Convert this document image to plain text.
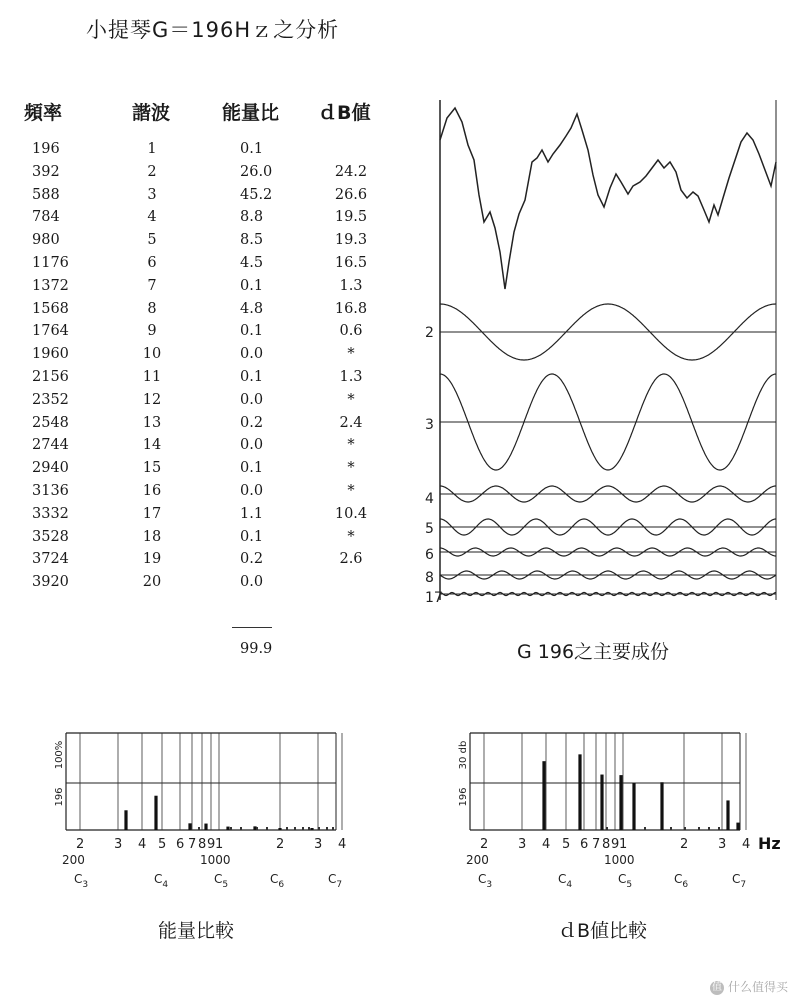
小提琴G＝196Hｚ之分析
頻率	諧波	能量比 ｄB値
196	1	0.1
392	2	26.0	24.2
588	3	45.2	26.6
784	4	8.8	19.5
980	5	8.5	19.3
1176	6	4.5	16.5
1372	7	0.1	1.3
1568	8	4.8	16.8
1764	9	0.1	0.6
1960	10	0.0	*
2156	11	0.1	1.3
2352	12	0.0	*
2548	13	0.2	2.4
2744	14	0.0	*
2940	15	0.1	*
3136	16	0.0	*
3332	17	1.1	10.4
3528	18	0.1	*
3724	19	0.2	2.6
3920	20	0.0
99.9
2
3
4
5
6
8
17
2 3 4 5 6 7 8 9 1	2 3 4
200	1000
$C_3$	$C_4$	$C_5$	$C_6$	$C_7$
100%
196
2 3 4 5 6 7 8 9 1	2 3 4
200	1000
$C_3$	$C_4$	$C_5$	$C_6$	$C_7$
30 db
196
Hz
G 196之主要成份
能量比較	ｄB値比較
值 什么值得买
